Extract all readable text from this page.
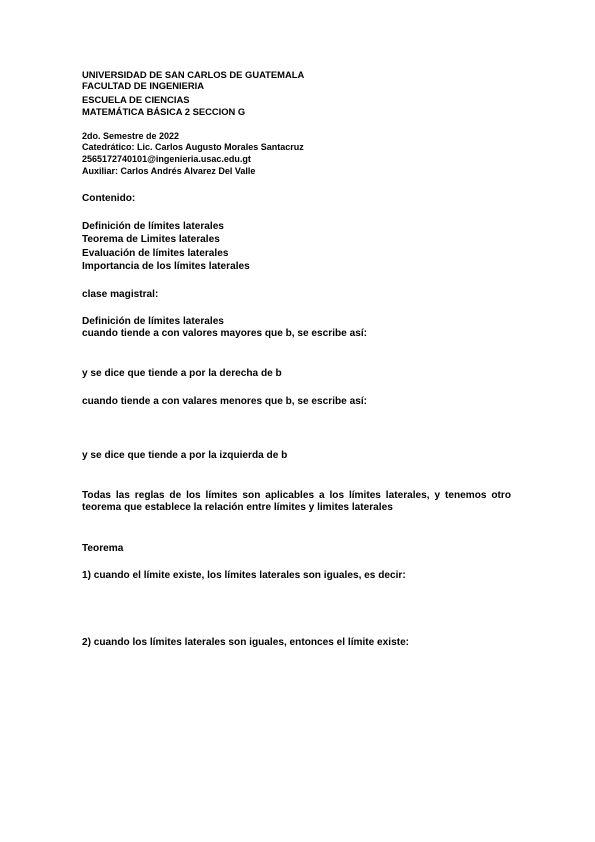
UNIVERSIDAD DE SAN CARLOS DE GUATEMALA
FACULTAD DE INGENIERIA
ESCUELA DE CIENCIAS
MATEMÁTICA BÁSICA 2 SECCION G
2do. Semestre de 2022
Catedrático: Lic. Carlos Augusto Morales Santacruz
2565172740101@ingenieria.usac.edu.gt
Auxiliar: Carlos Andrés Alvarez Del Valle
Contenido:
Definición de límites laterales
Teorema de Limites laterales
Evaluación de límites laterales
Importancia de los límites laterales
clase magistral:
Definición de límites laterales
cuando tiende a con valores mayores que b, se escribe así:
y se dice que tiende a por la derecha de b
cuando tiende a con valares menores que b, se escribe así:
y se dice que tiende a por la izquierda de b
Todas las reglas de los límites son aplicables a los límites laterales, y tenemos otro teorema que establece la relación entre límites y limites laterales
Teorema
1) cuando el límite existe, los límites laterales son iguales, es decir:
2) cuando los límites laterales son iguales, entonces el límite existe:
